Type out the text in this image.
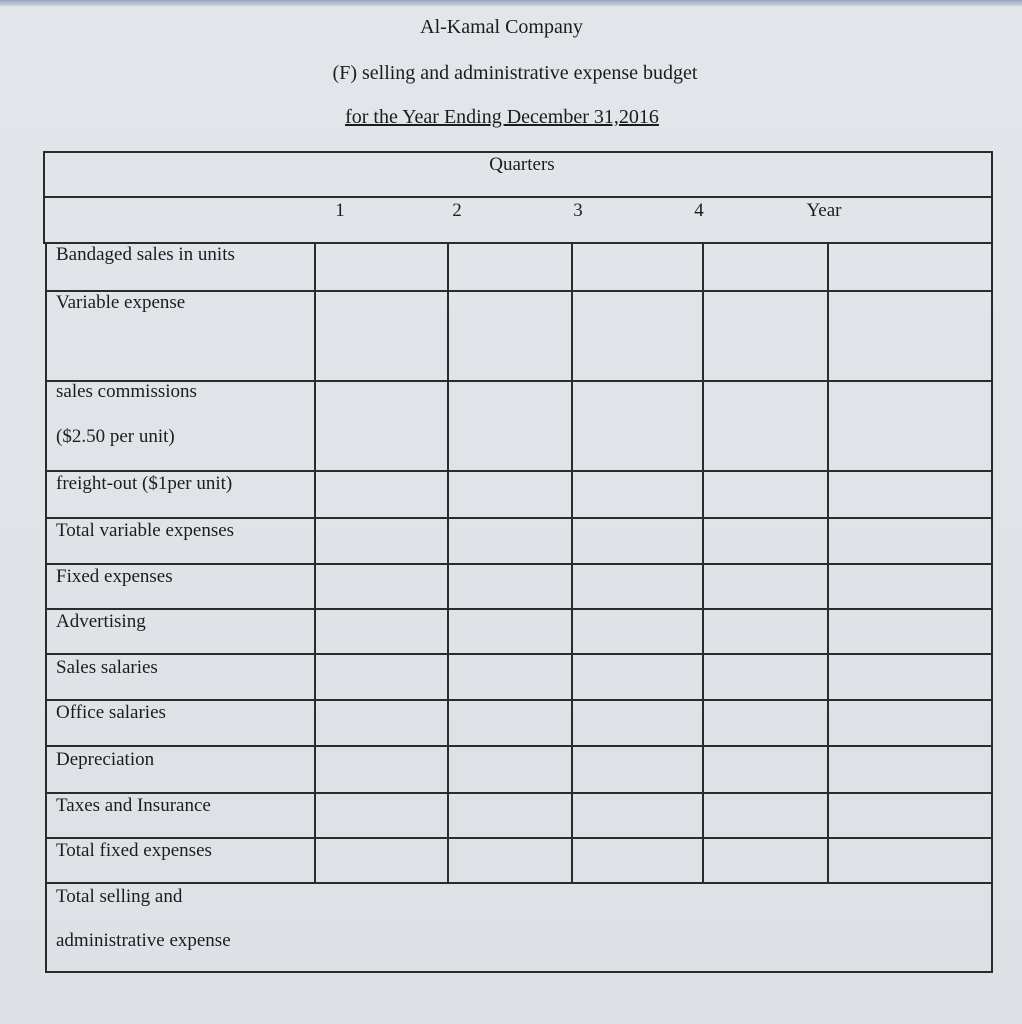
Al-Kamal Company
(F) selling and administrative expense budget
for the Year Ending December 31,2016
Quarters
1	2	3	4	Year
Bandaged sales in units
Variable expense
sales commissions
($2.50 per unit)
freight-out ($1per unit)
Total variable expenses
Fixed expenses
Advertising
Sales salaries
Office salaries
Depreciation
Taxes and Insurance
Total fixed expenses
Total selling and
administrative expense
